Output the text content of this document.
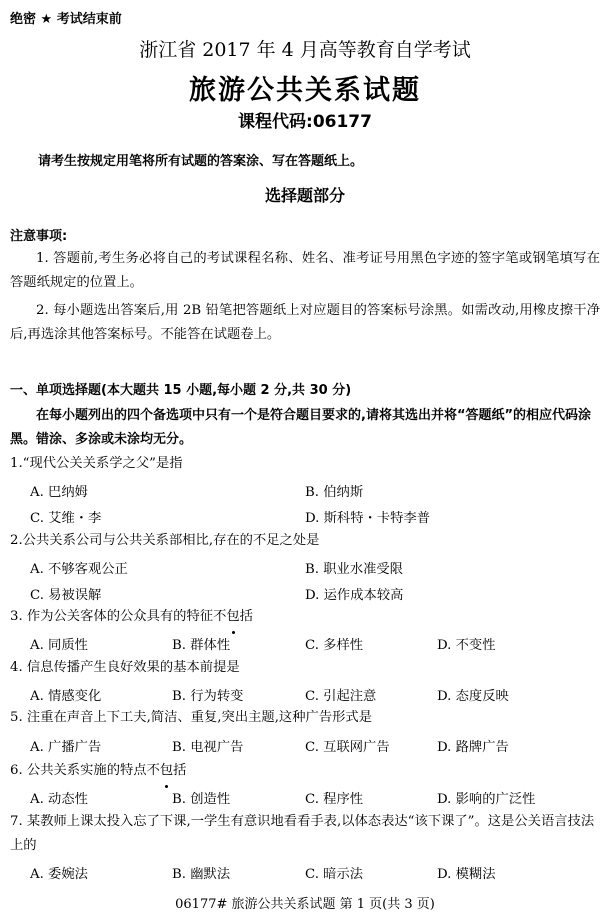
绝密 ★ 考试结束前
浙江省 2017 年 4 月高等教育自学考试
旅游公共关系试题
课程代码:06177
请考生按规定用笔将所有试题的答案涂、写在答题纸上。
选择题部分
注意事项:
1. 答题前,考生务必将自己的考试课程名称、姓名、准考证号用黑色字迹的签字笔或钢笔填写在答题纸规定的位置上。
2. 每小题选出答案后,用 2B 铅笔把答题纸上对应题目的答案标号涂黑。如需改动,用橡皮擦干净后,再选涂其他答案标号。不能答在试题卷上。
一、单项选择题(本大题共 15 小题,每小题 2 分,共 30 分)
在每小题列出的四个备选项中只有一个是符合题目要求的,请将其选出并将“答题纸”的相应代码涂黑。错涂、多涂或未涂均无分。
1.“现代公关关系学之父”是指
A. 巴纳姆	B. 伯纳斯
C. 艾维・李	D. 斯科特・卡特李普
2.公共关系公司与公共关系部相比,存在的不足之处是
A. 不够客观公正	B. 职业水准受限
C. 易被误解	D. 运作成本较高
3. 作为公关客体的公众具有的特征不包括
A. 同质性	B. 群体性	C. 多样性	D. 不变性
4. 信息传播产生良好效果的基本前提是
A. 情感变化	B. 行为转变	C. 引起注意	D. 态度反映
5. 注重在声音上下工夫,简洁、重复,突出主题,这种广告形式是
A. 广播广告	B. 电视广告	C. 互联网广告	D. 路牌广告
6. 公共关系实施的特点不包括
A. 动态性	B. 创造性	C. 程序性	D. 影响的广泛性
7. 某教师上课太投入忘了下课,一学生有意识地看看手表,以体态表达“该下课了”。这是公关语言技法上的
A. 委婉法	B. 幽默法	C. 暗示法	D. 模糊法
06177# 旅游公共关系试题 第 1 页(共 3 页)
